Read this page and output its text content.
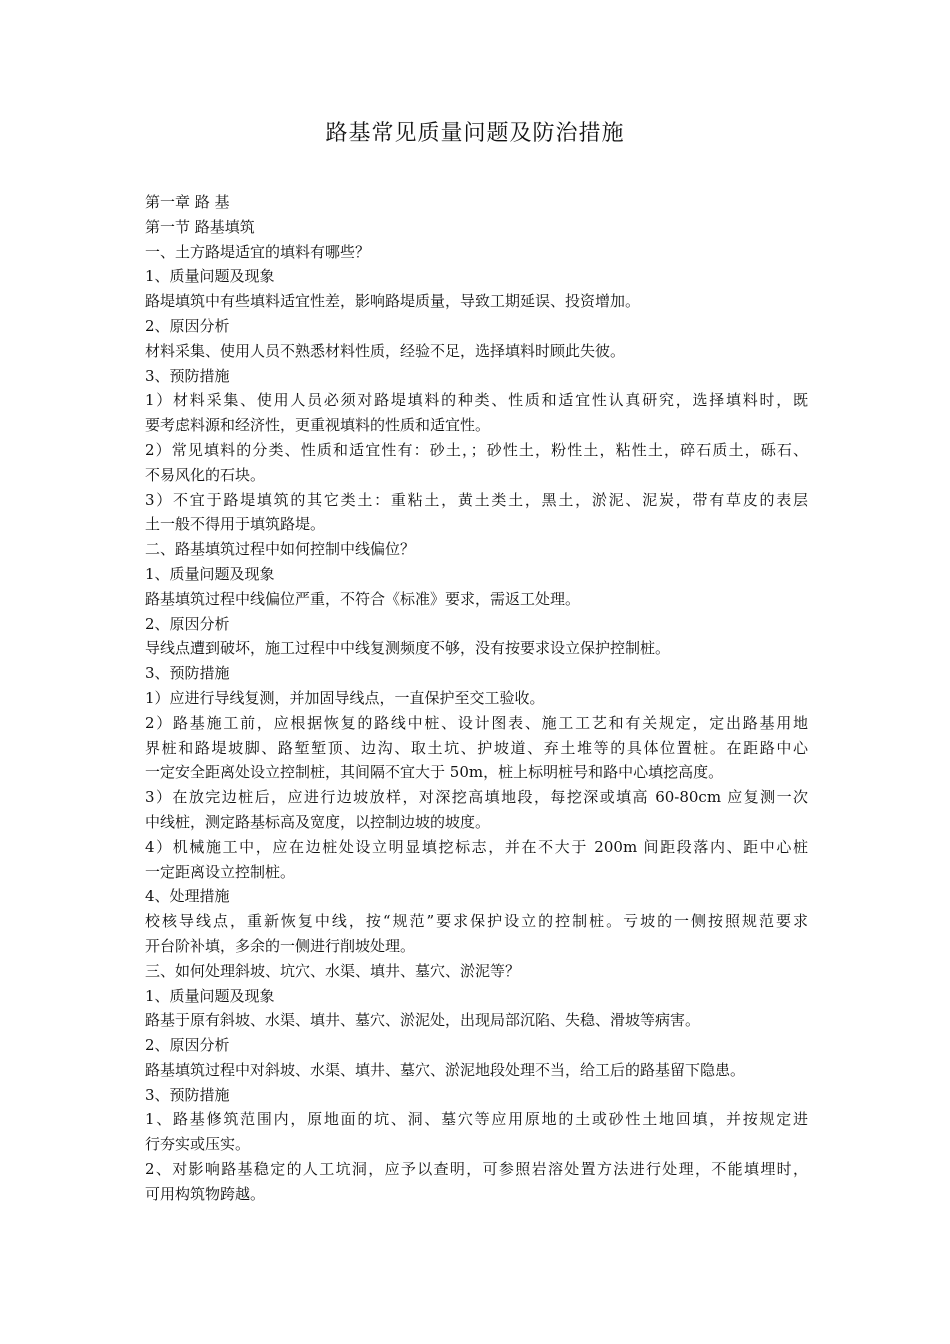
路基常见质量问题及防治措施
第一章 路 基
第一节 路基填筑
一、土方路堤适宜的填料有哪些？
1、质量问题及现象
路堤填筑中有些填料适宜性差，影响路堤质量，导致工期延误、投资增加。
2、原因分析
材料采集、使用人员不熟悉材料性质，经验不足，选择填料时顾此失彼。
3、预防措施
1）材料采集、使用人员必须对路堤填料的种类、性质和适宜性认真研究，选择填料时，既
要考虑料源和经济性，更重视填料的性质和适宜性。
2）常见填料的分类、性质和适宜性有：砂土，；砂性土，粉性土，粘性土，碎石质土，砾石、
不易风化的石块。
3）不宜于路堤填筑的其它类土：重粘土，黄土类土，黑土，淤泥、泥炭，带有草皮的表层
土一般不得用于填筑路堤。
二、路基填筑过程中如何控制中线偏位？
1、质量问题及现象
路基填筑过程中线偏位严重，不符合《标准》要求，需返工处理。
2、原因分析
导线点遭到破坏，施工过程中中线复测频度不够，没有按要求设立保护控制桩。
3、预防措施
1）应进行导线复测，并加固导线点，一直保护至交工验收。
2）路基施工前，应根据恢复的路线中桩、设计图表、施工工艺和有关规定，定出路基用地
界桩和路堤坡脚、路堑堑顶、边沟、取土坑、护坡道、弃土堆等的具体位置桩。在距路中心
一定安全距离处设立控制桩，其间隔不宜大于 50m，桩上标明桩号和路中心填挖高度。
3）在放完边桩后，应进行边坡放样，对深挖高填地段，每挖深或填高 60-80cm 应复测一次
中线桩，测定路基标高及宽度，以控制边坡的坡度。
4）机械施工中，应在边桩处设立明显填挖标志，并在不大于 200m 间距段落内、距中心桩
一定距离设立控制桩。
4、处理措施
校核导线点，重新恢复中线，按“规范”要求保护设立的控制桩。亏坡的一侧按照规范要求
开台阶补填，多余的一侧进行削坡处理。
三、如何处理斜坡、坑穴、水渠、填井、墓穴、淤泥等？
1、质量问题及现象
路基于原有斜坡、水渠、填井、墓穴、淤泥处，出现局部沉陷、失稳、滑坡等病害。
2、原因分析
路基填筑过程中对斜坡、水渠、填井、墓穴、淤泥地段处理不当，给工后的路基留下隐患。
3、预防措施
1、路基修筑范围内，原地面的坑、洞、墓穴等应用原地的土或砂性土地回填，并按规定进
行夯实或压实。
2、对影响路基稳定的人工坑洞，应予以查明，可参照岩溶处置方法进行处理，不能填埋时，
可用构筑物跨越。
